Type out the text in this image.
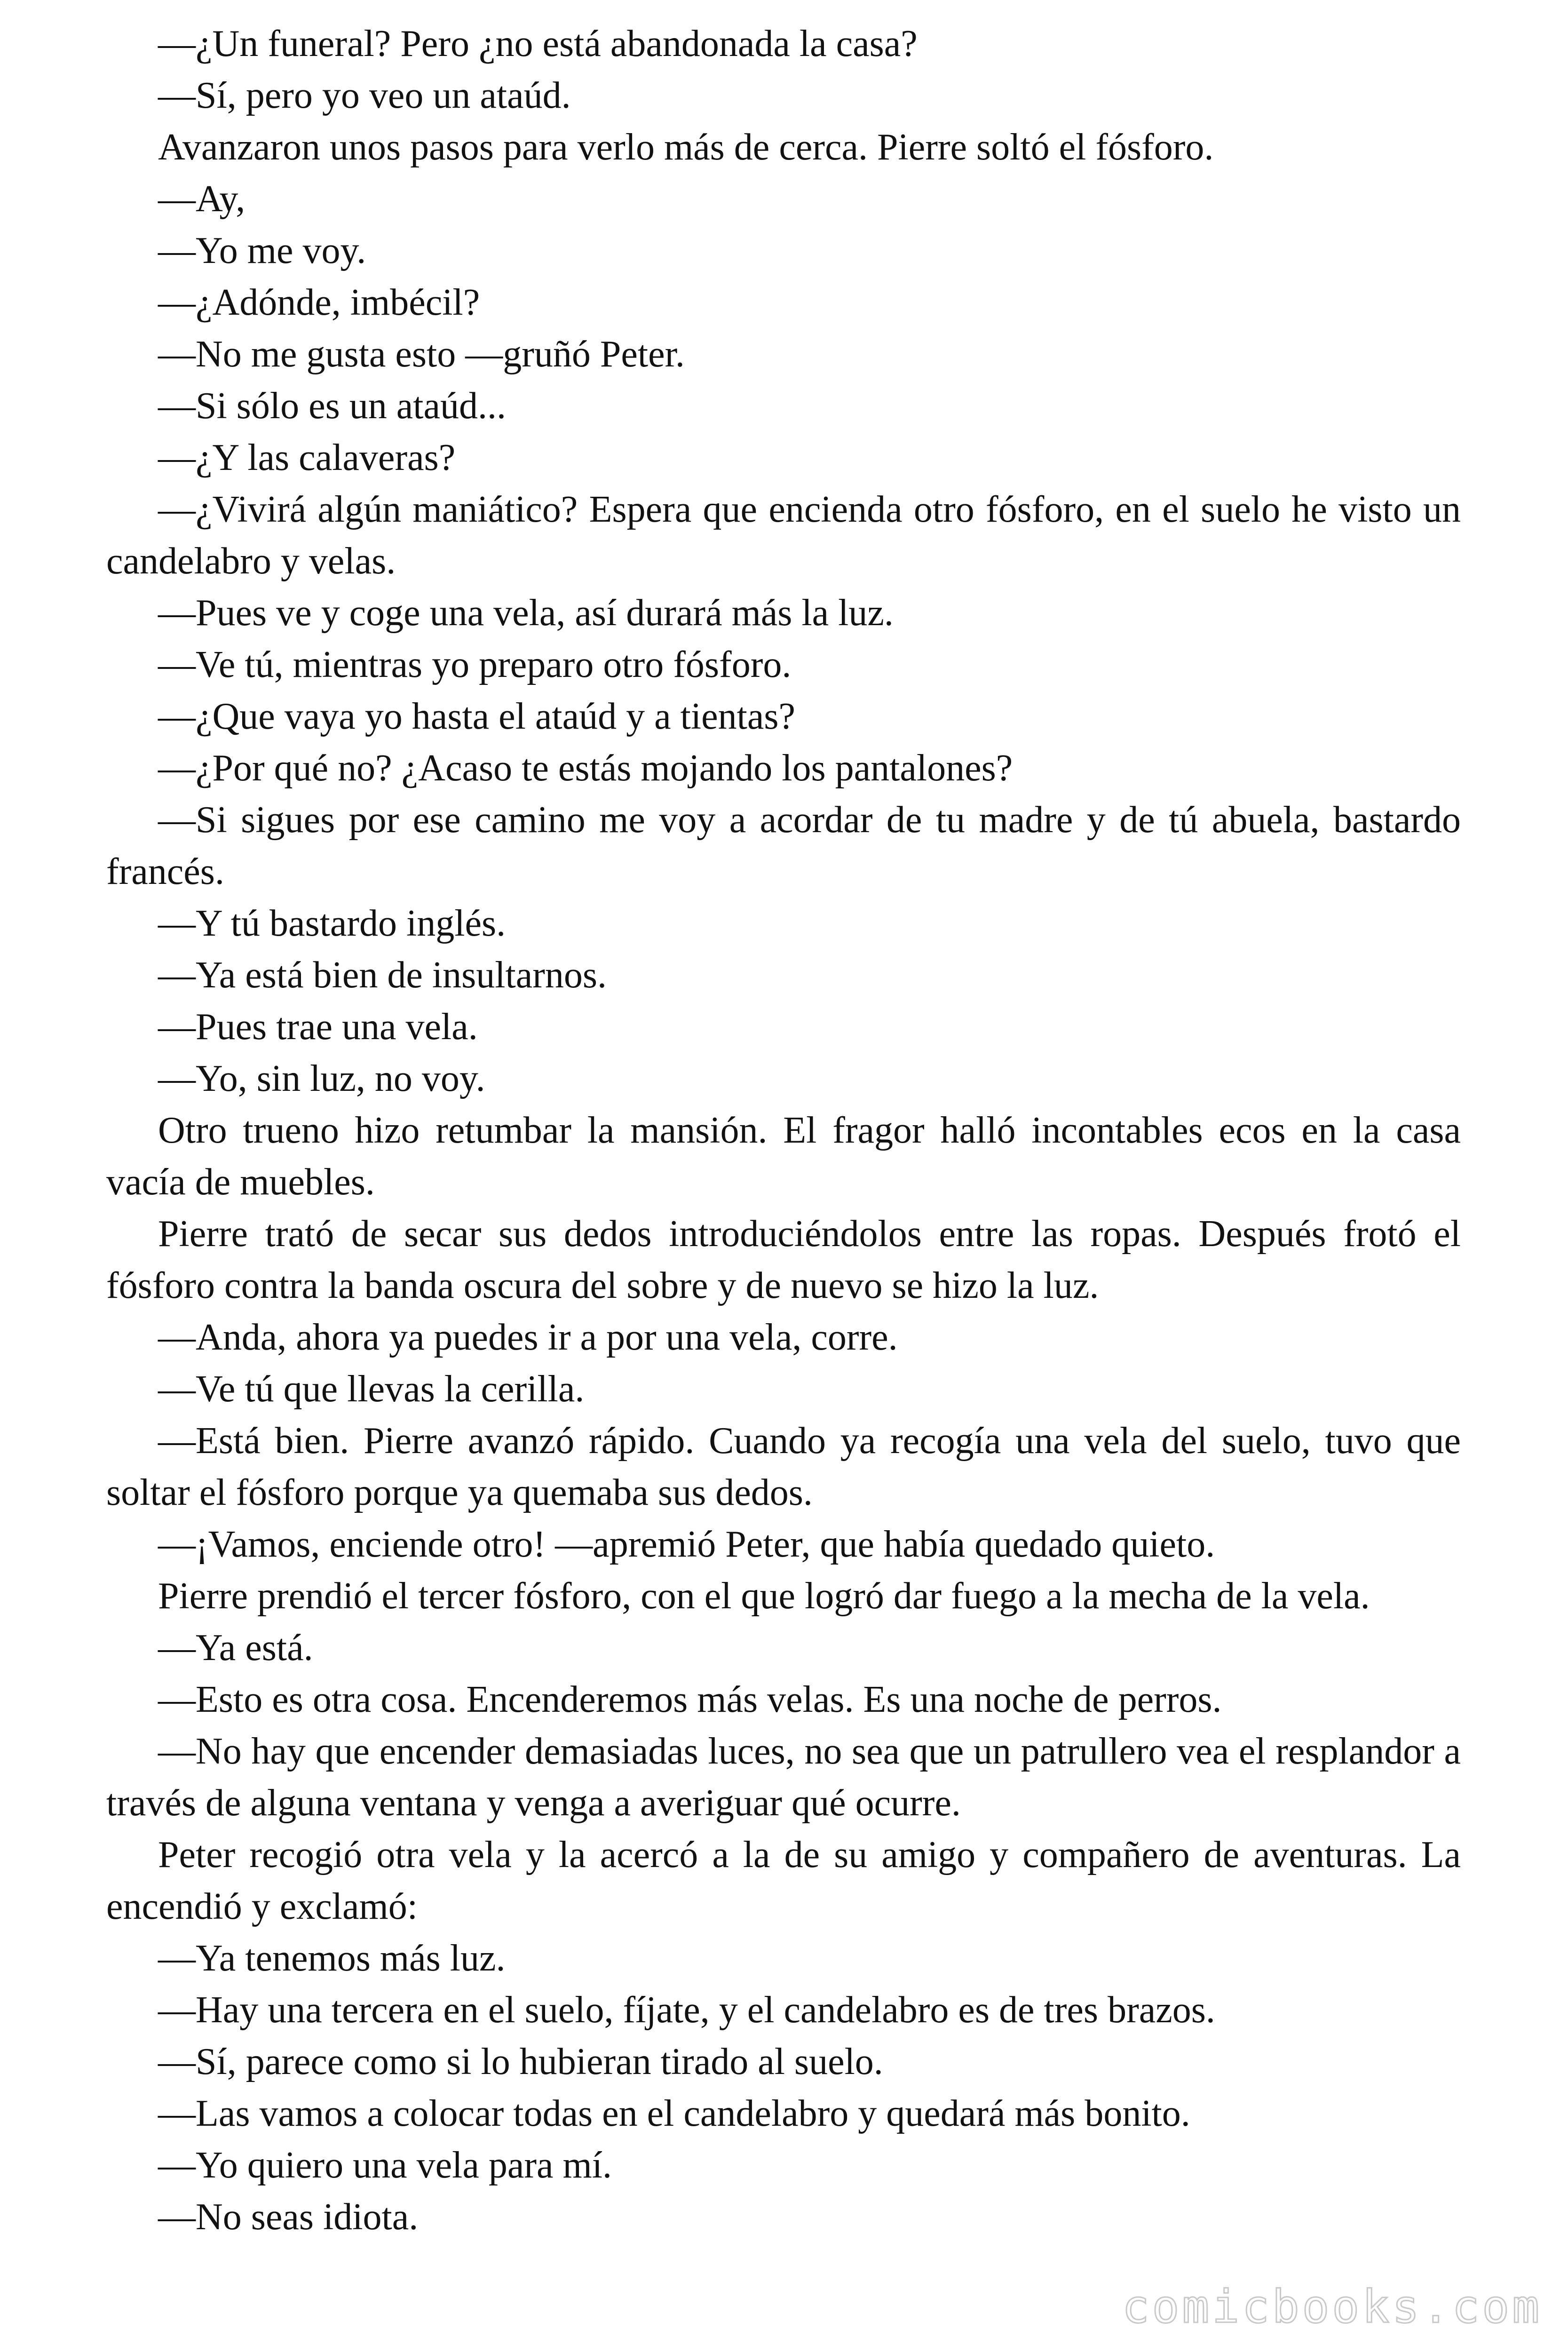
—¿Un funeral? Pero ¿no está abandonada la casa?

—Sí, pero yo veo un ataúd.

Avanzaron unos pasos para verlo más de cerca. Pierre soltó el fósforo.

—Ay,

—Yo me voy.

—¿Adónde, imbécil?

—No me gusta esto —gruñó Peter.

—Si sólo es un ataúd...

—¿Y las calaveras?

—¿Vivirá algún maniático? Espera que encienda otro fósforo, en el suelo he visto un candelabro y velas.

—Pues ve y coge una vela, así durará más la luz.

—Ve tú, mientras yo preparo otro fósforo.

—¿Que vaya yo hasta el ataúd y a tientas?

—¿Por qué no? ¿Acaso te estás mojando los pantalones?

—Si sigues por ese camino me voy a acordar de tu madre y de tú abuela, bastardo francés.

—Y tú bastardo inglés.

—Ya está bien de insultarnos.

—Pues trae una vela.

—Yo, sin luz, no voy.

Otro trueno hizo retumbar la mansión. El fragor halló incontables ecos en la casa vacía de muebles.

Pierre trató de secar sus dedos introduciéndolos entre las ropas. Después frotó el fósforo contra la banda oscura del sobre y de nuevo se hizo la luz.

—Anda, ahora ya puedes ir a por una vela, corre.

—Ve tú que llevas la cerilla.

—Está bien. Pierre avanzó rápido. Cuando ya recogía una vela del suelo, tuvo que soltar el fósforo porque ya quemaba sus dedos.

—¡Vamos, enciende otro! —apremió Peter, que había quedado quieto.

Pierre prendió el tercer fósforo, con el que logró dar fuego a la mecha de la vela.

—Ya está.

—Esto es otra cosa. Encenderemos más velas. Es una noche de perros.

—No hay que encender demasiadas luces, no sea que un patrullero vea el resplandor a través de alguna ventana y venga a averiguar qué ocurre.

Peter recogió otra vela y la acercó a la de su amigo y compañero de aventuras. La encendió y exclamó:

—Ya tenemos más luz.

—Hay una tercera en el suelo, fíjate, y el candelabro es de tres brazos.

—Sí, parece como si lo hubieran tirado al suelo.

—Las vamos a colocar todas en el candelabro y quedará más bonito.

—Yo quiero una vela para mí.

—No seas idiota.

comicbooks.com
